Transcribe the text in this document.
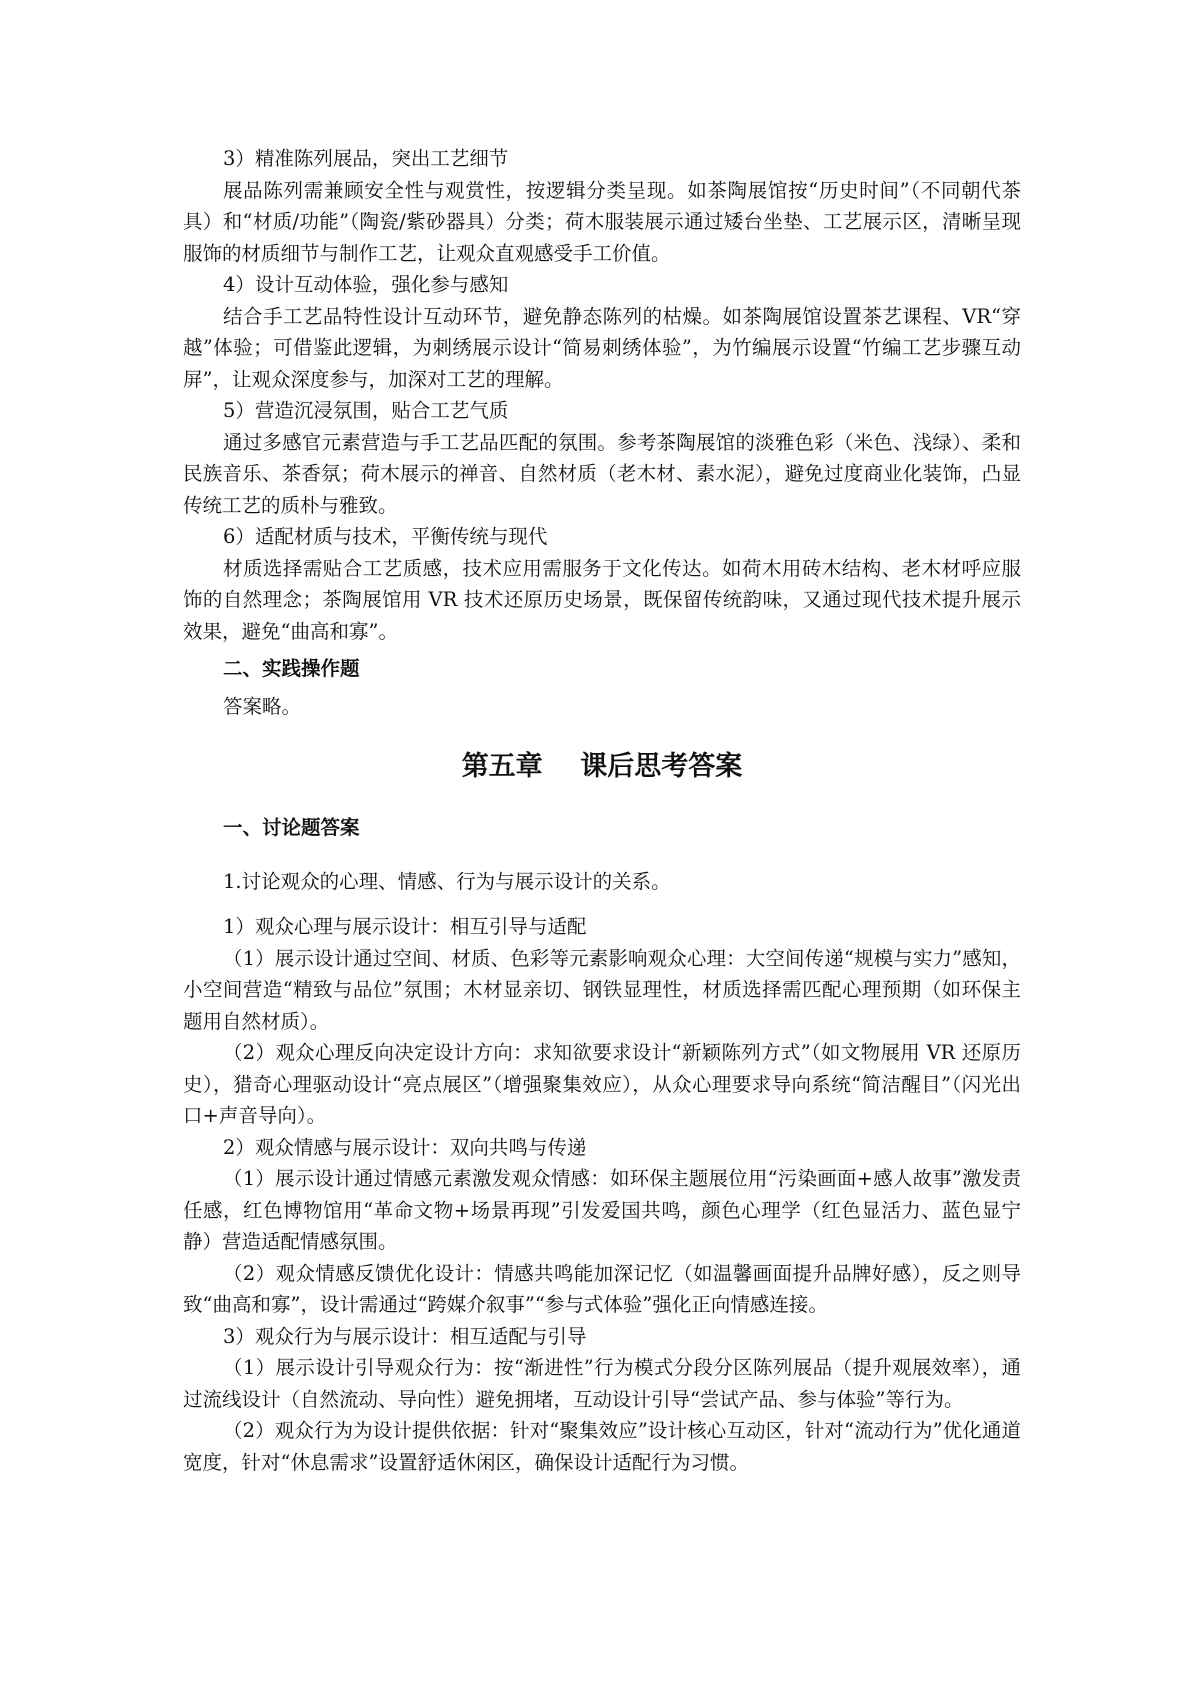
3）精准陈列展品，突出工艺细节

展品陈列需兼顾安全性与观赏性，按逻辑分类呈现。如茶陶展馆按“历史时间”（不同朝代茶具）和“材质/功能”（陶瓷/紫砂器具）分类；荷木服装展示通过矮台坐垫、工艺展示区，清晰呈现服饰的材质细节与制作工艺，让观众直观感受手工价值。

4）设计互动体验，强化参与感知

结合手工艺品特性设计互动环节，避免静态陈列的枯燥。如茶陶展馆设置茶艺课程、VR“穿越”体验；可借鉴此逻辑，为刺绣展示设计“简易刺绣体验”，为竹编展示设置“竹编工艺步骤互动屏”，让观众深度参与，加深对工艺的理解。

5）营造沉浸氛围，贴合工艺气质

通过多感官元素营造与手工艺品匹配的氛围。参考茶陶展馆的淡雅色彩（米色、浅绿）、柔和民族音乐、茶香氛；荷木展示的禅音、自然材质（老木材、素水泥），避免过度商业化装饰，凸显传统工艺的质朴与雅致。

6）适配材质与技术，平衡传统与现代

材质选择需贴合工艺质感，技术应用需服务于文化传达。如荷木用砖木结构、老木材呼应服饰的自然理念；茶陶展馆用 VR 技术还原历史场景，既保留传统韵味，又通过现代技术提升展示效果，避免“曲高和寡”。

二、实践操作题

答案略。

第五章    课后思考答案

一、讨论题答案

1.讨论观众的心理、情感、行为与展示设计的关系。

1）观众心理与展示设计：相互引导与适配

（1）展示设计通过空间、材质、色彩等元素影响观众心理：大空间传递“规模与实力”感知，小空间营造“精致与品位”氛围；木材显亲切、钢铁显理性，材质选择需匹配心理预期（如环保主题用自然材质）。

（2）观众心理反向决定设计方向：求知欲要求设计“新颖陈列方式”（如文物展用 VR 还原历史），猎奇心理驱动设计“亮点展区”（增强聚集效应），从众心理要求导向系统“简洁醒目”（闪光出口+声音导向）。

2）观众情感与展示设计：双向共鸣与传递

（1）展示设计通过情感元素激发观众情感：如环保主题展位用“污染画面+感人故事”激发责任感，红色博物馆用“革命文物+场景再现”引发爱国共鸣，颜色心理学（红色显活力、蓝色显宁静）营造适配情感氛围。

（2）观众情感反馈优化设计：情感共鸣能加深记忆（如温馨画面提升品牌好感），反之则导致“曲高和寡”，设计需通过“跨媒介叙事”“参与式体验”强化正向情感连接。

3）观众行为与展示设计：相互适配与引导

（1）展示设计引导观众行为：按“渐进性”行为模式分段分区陈列展品（提升观展效率），通过流线设计（自然流动、导向性）避免拥堵，互动设计引导“尝试产品、参与体验”等行为。

（2）观众行为为设计提供依据：针对“聚集效应”设计核心互动区，针对“流动行为”优化通道宽度，针对“休息需求”设置舒适休闲区，确保设计适配行为习惯。
